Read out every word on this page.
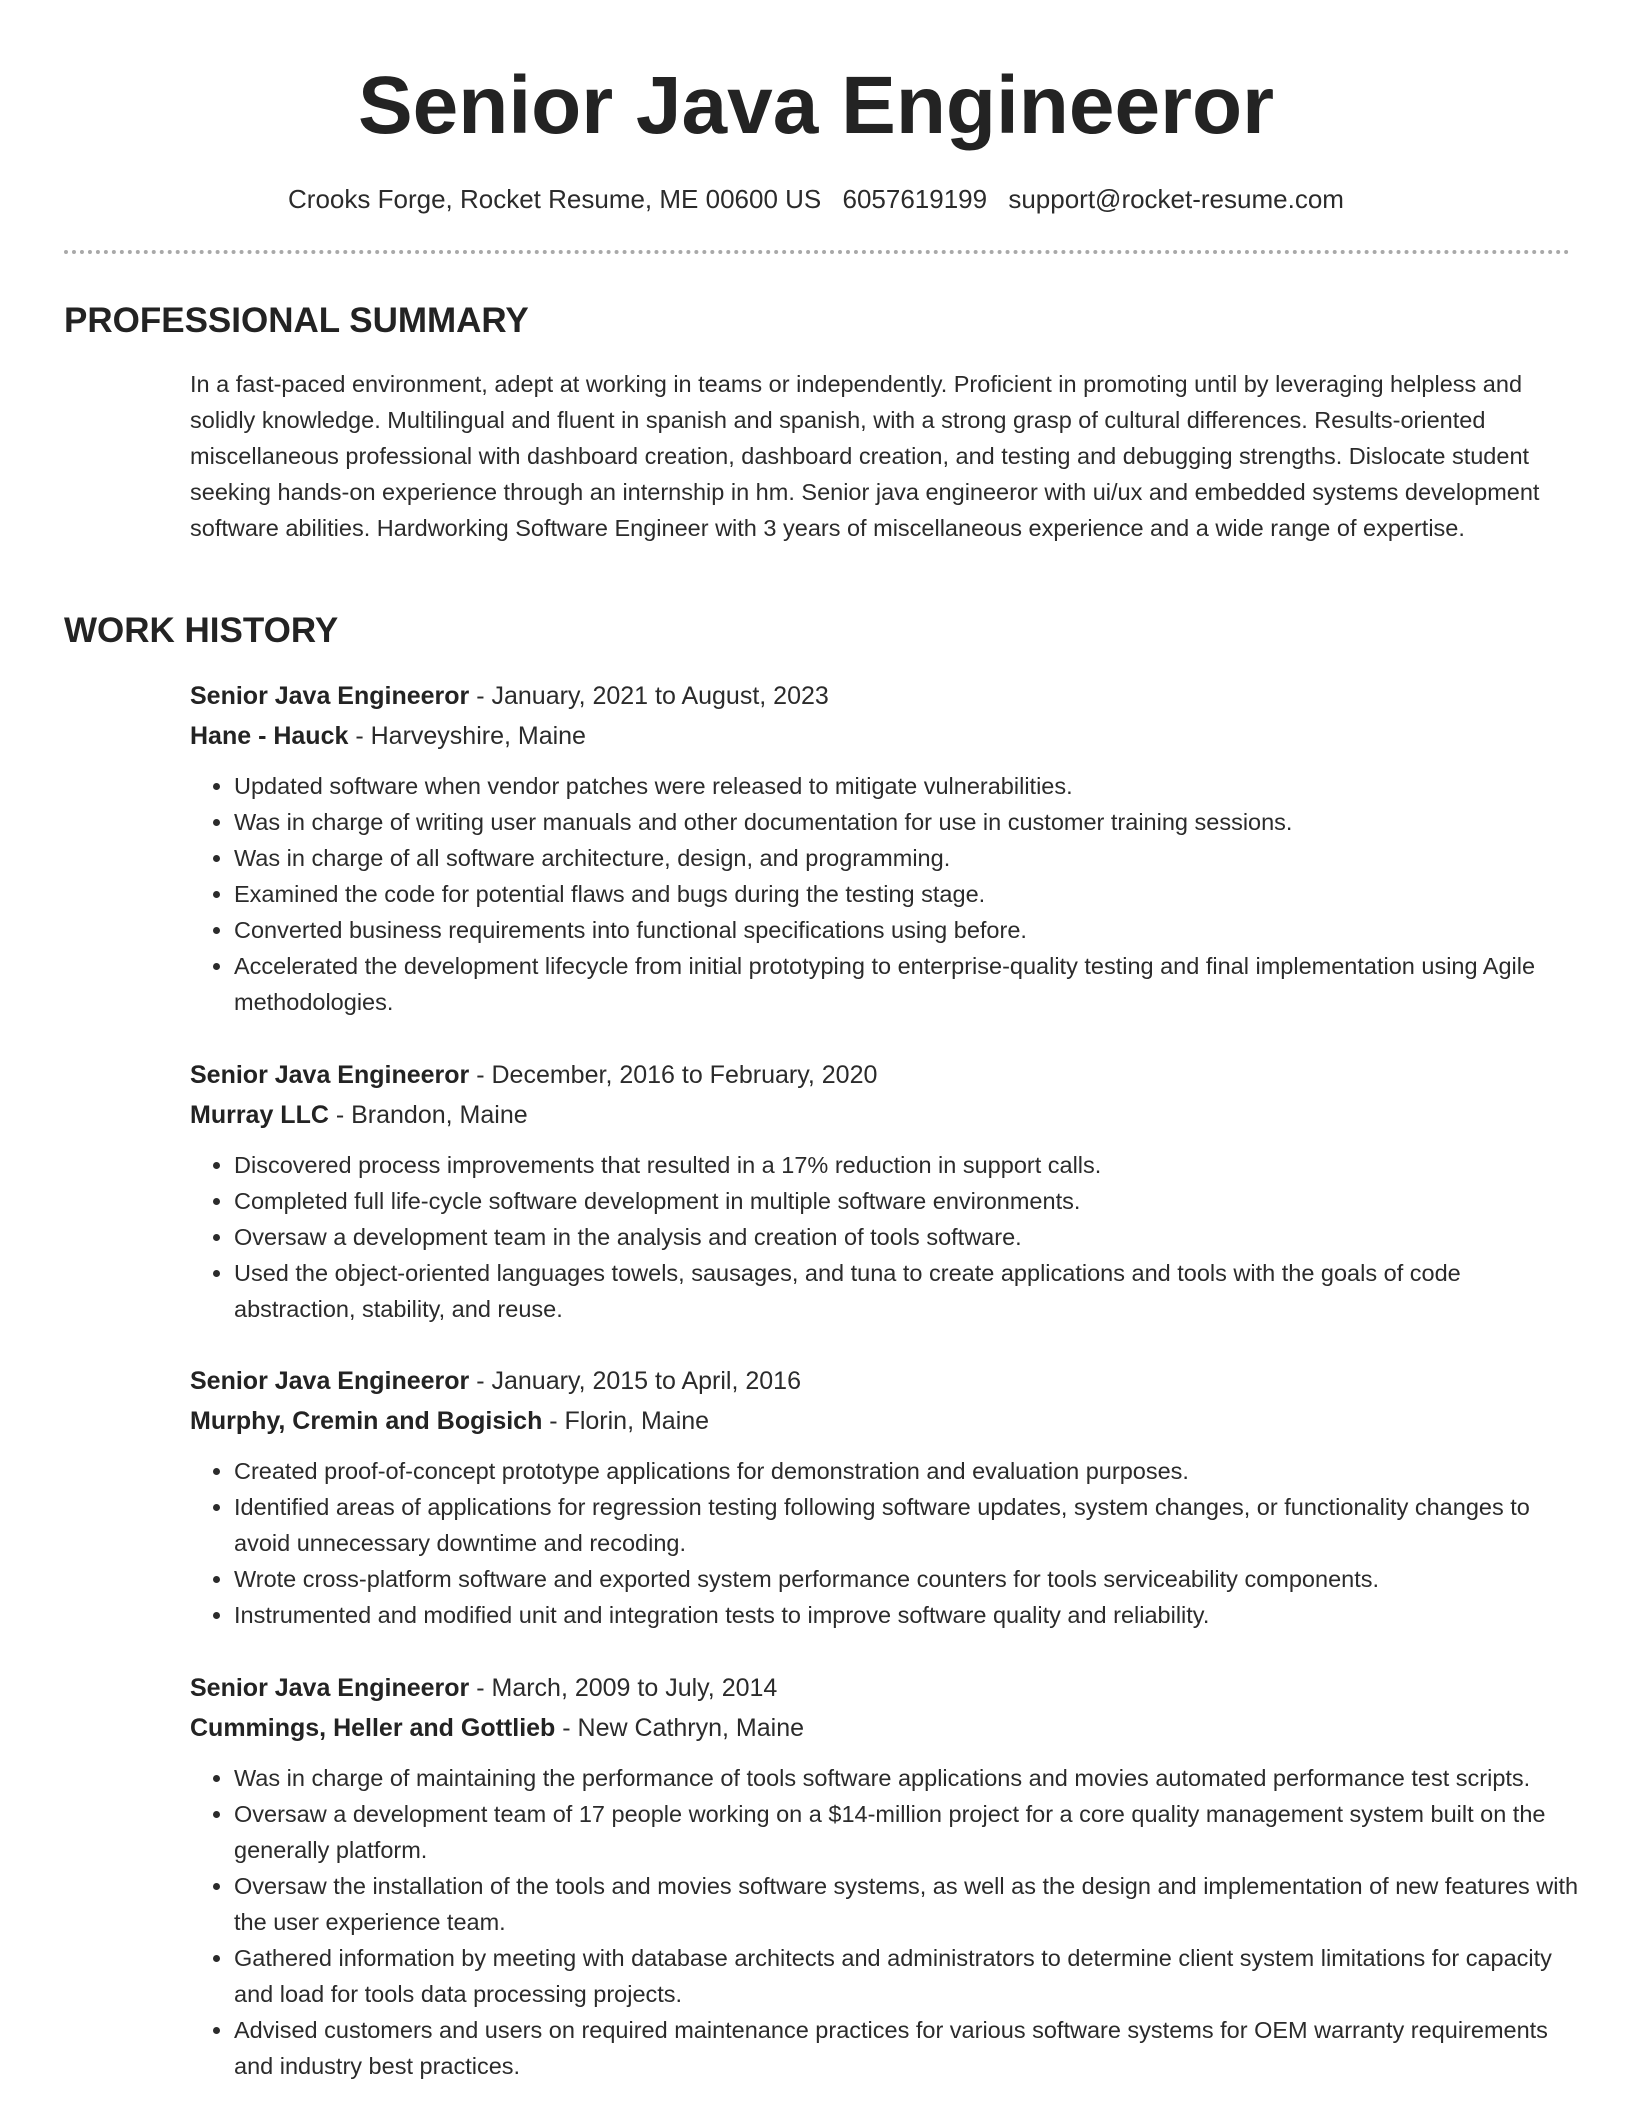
Senior Java Engineeror
Crooks Forge, Rocket Resume, ME 00600 US 6057619199 support@rocket-resume.com
PROFESSIONAL SUMMARY

In a fast-paced environment, adept at working in teams or independently. Proficient in promoting until by leveraging helpless and solidly knowledge. Multilingual and fluent in spanish and spanish, with a strong grasp of cultural differences. Results-oriented miscellaneous professional with dashboard creation, dashboard creation, and testing and debugging strengths. Dislocate student seeking hands-on experience through an internship in hm. Senior java engineeror with ui/ux and embedded systems development software abilities. Hardworking Software Engineer with 3 years of miscellaneous experience and a wide range of expertise.

WORK HISTORY

Senior Java Engineeror - January, 2021 to August, 2023

Hane - Hauck - Harveyshire, Maine

• Updated software when vendor patches were released to mitigate vulnerabilities.
• Was in charge of writing user manuals and other documentation for use in customer training sessions.
• Was in charge of all software architecture, design, and programming.
• Examined the code for potential flaws and bugs during the testing stage.
• Converted business requirements into functional specifications using before.
• Accelerated the development lifecycle from initial prototyping to enterprise-quality testing and final implementation using Agile methodologies.

Senior Java Engineeror - December, 2016 to February, 2020

Murray LLC - Brandon, Maine

• Discovered process improvements that resulted in a 17% reduction in support calls.
• Completed full life-cycle software development in multiple software environments.
• Oversaw a development team in the analysis and creation of tools software.
• Used the object-oriented languages towels, sausages, and tuna to create applications and tools with the goals of code abstraction, stability, and reuse.

Senior Java Engineeror - January, 2015 to April, 2016

Murphy, Cremin and Bogisich - Florin, Maine

• Created proof-of-concept prototype applications for demonstration and evaluation purposes.
• Identified areas of applications for regression testing following software updates, system changes, or functionality changes to avoid unnecessary downtime and recoding.
• Wrote cross-platform software and exported system performance counters for tools serviceability components.
• Instrumented and modified unit and integration tests to improve software quality and reliability.

Senior Java Engineeror - March, 2009 to July, 2014

Cummings, Heller and Gottlieb - New Cathryn, Maine

• Was in charge of maintaining the performance of tools software applications and movies automated performance test scripts.
• Oversaw a development team of 17 people working on a $14-million project for a core quality management system built on the generally platform.
• Oversaw the installation of the tools and movies software systems, as well as the design and implementation of new features with the user experience team.
• Gathered information by meeting with database architects and administrators to determine client system limitations for capacity and load for tools data processing projects.
• Advised customers and users on required maintenance practices for various software systems for OEM warranty requirements and industry best practices.
